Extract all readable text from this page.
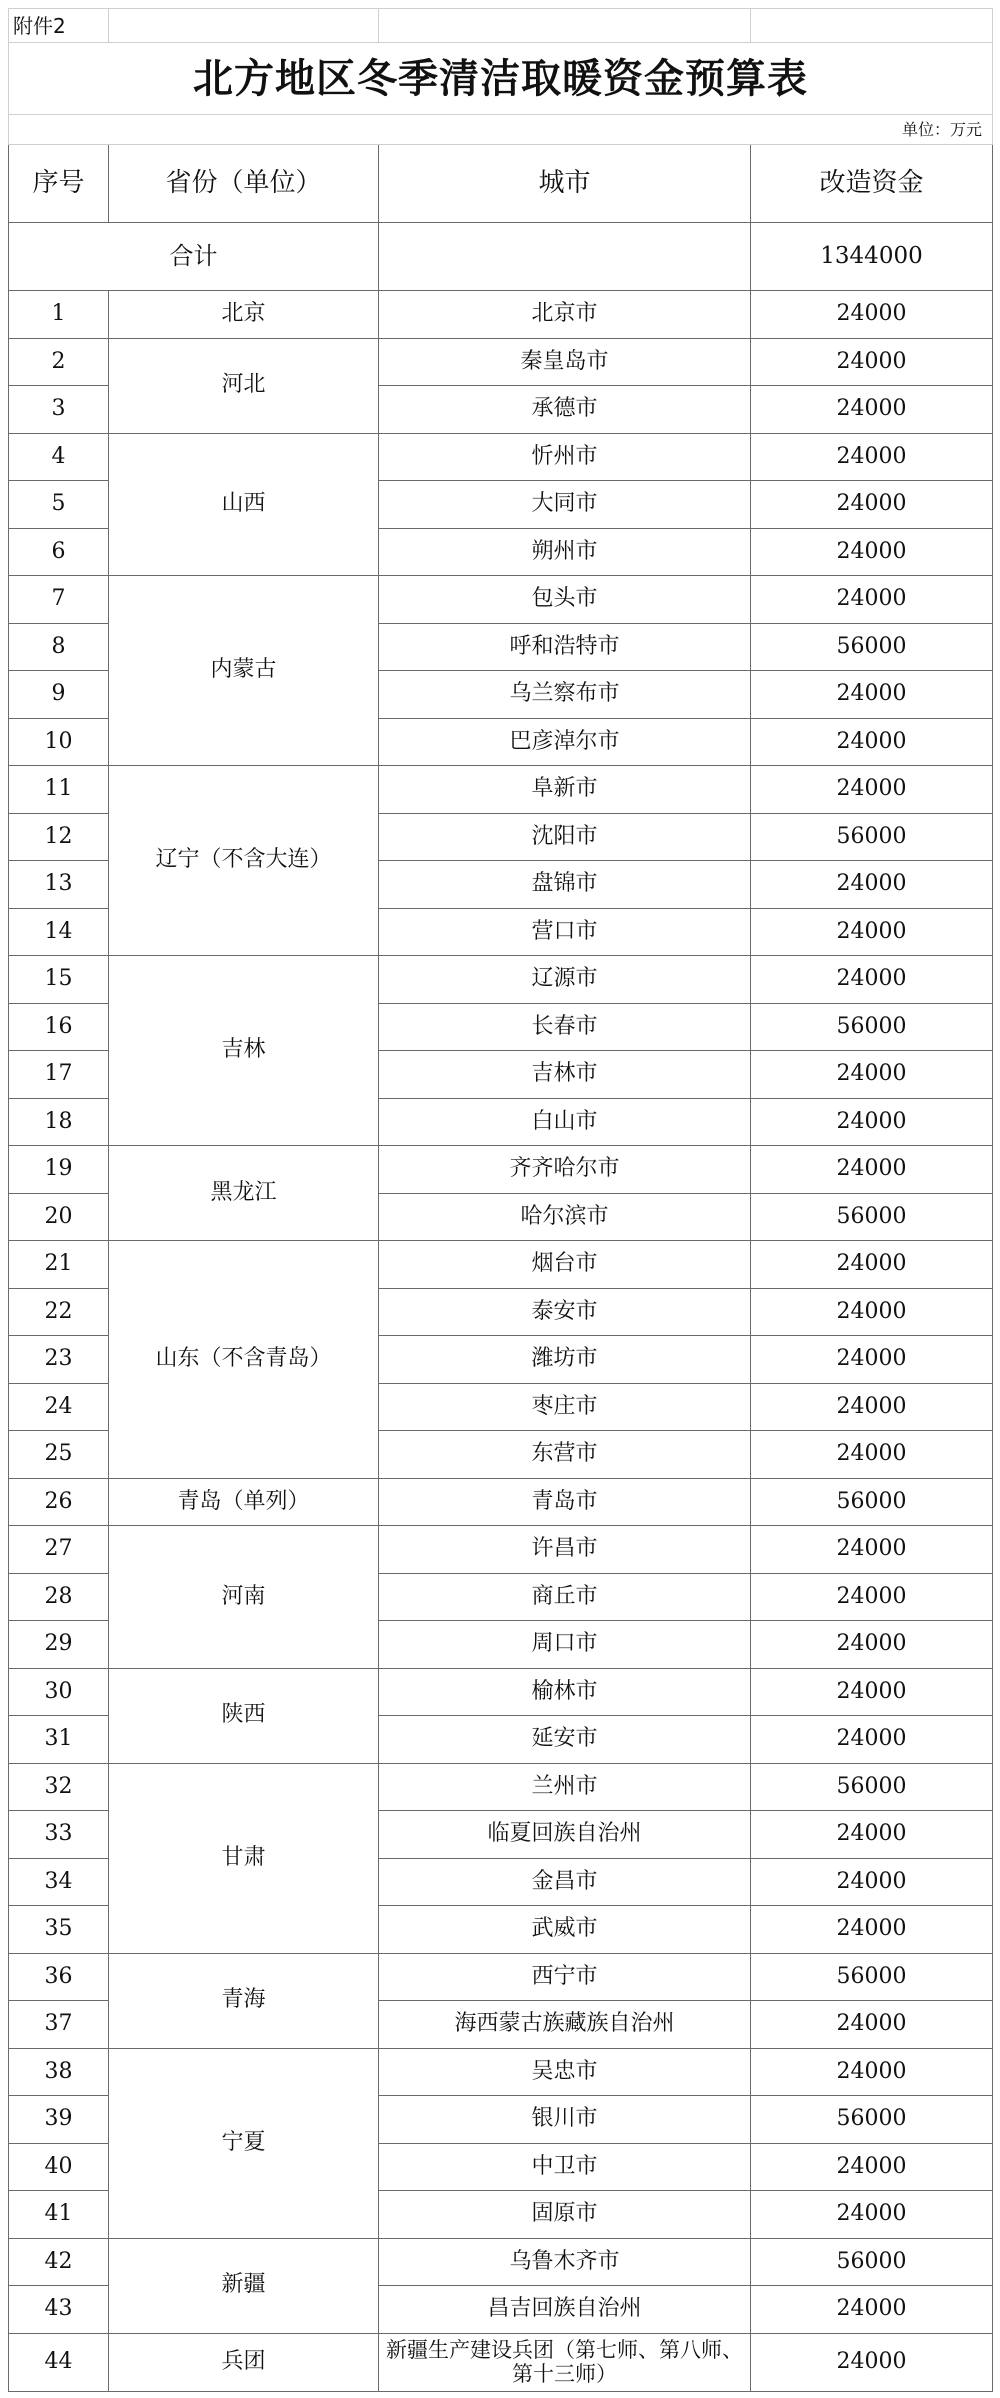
附件2			
北方地区冬季清洁取暖资金预算表			
单位：万元			
序号	省份（单位）	城市	改造资金
合计			1344000
1	北京	北京市	24000
2	河北	秦皇岛市	24000
3		承德市	24000
4	山西	忻州市	24000
5		大同市	24000
6		朔州市	24000
7	内蒙古	包头市	24000
8		呼和浩特市	56000
9		乌兰察布市	24000
10		巴彦淖尔市	24000
11	辽宁（不含大连）	阜新市	24000
12		沈阳市	56000
13		盘锦市	24000
14		营口市	24000
15	吉林	辽源市	24000
16		长春市	56000
17		吉林市	24000
18		白山市	24000
19	黑龙江	齐齐哈尔市	24000
20		哈尔滨市	56000
21	山东（不含青岛）	烟台市	24000
22		泰安市	24000
23		潍坊市	24000
24		枣庄市	24000
25		东营市	24000
26	青岛（单列）	青岛市	56000
27	河南	许昌市	24000
28		商丘市	24000
29		周口市	24000
30	陕西	榆林市	24000
31		延安市	24000
32	甘肃	兰州市	56000
33		临夏回族自治州	24000
34		金昌市	24000
35		武威市	24000
36	青海	西宁市	56000
37		海西蒙古族藏族自治州	24000
38	宁夏	吴忠市	24000
39		银川市	56000
40		中卫市	24000
41		固原市	24000
42	新疆	乌鲁木齐市	56000
43		昌吉回族自治州	24000
44	兵团	新疆生产建设兵团（第七师、第八师、第十三师）	24000
